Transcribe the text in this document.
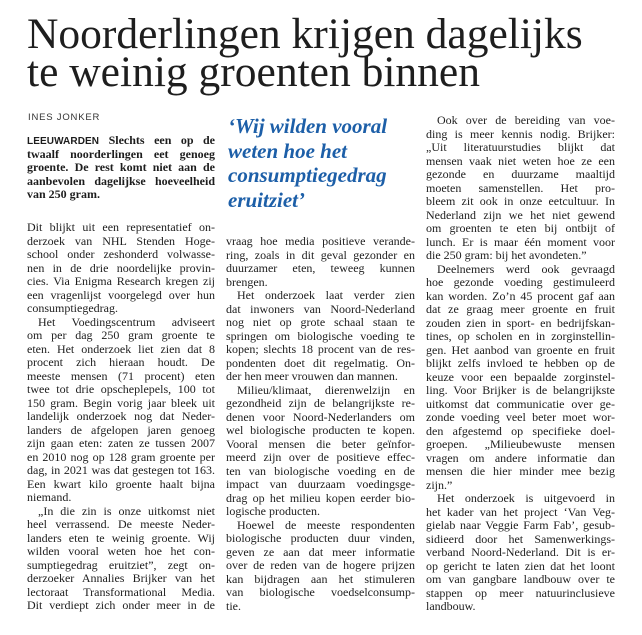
Noorderlingen krijgen dagelijks
te weinig groenten binnen
INES JONKER
LEEUWARDEN Slechts een op de
twaalf noorderlingen eet genoeg
groente. De rest komt niet aan de
aanbevolen dagelijkse hoeveelheid
van 250 gram.
‘Wij wilden vooral
weten hoe het
consumptiegedrag
eruitziet’
Dit blijkt uit een representatief on-
derzoek van NHL Stenden Hoge-
school onder zeshonderd volwasse-
nen in de drie noordelijke provin-
cies. Via Enigma Research kregen zij
een vragenlijst voorgelegd over hun
consumptiegedrag.
Het Voedingscentrum adviseert
om per dag 250 gram groente te
eten. Het onderzoek liet zien dat 8
procent zich hieraan houdt. De
meeste mensen (71 procent) eten
twee tot drie opscheplepels, 100 tot
150 gram. Begin vorig jaar bleek uit
landelijk onderzoek nog dat Neder-
landers de afgelopen jaren genoeg
zijn gaan eten: zaten ze tussen 2007
en 2010 nog op 128 gram groente per
dag, in 2021 was dat gestegen tot 163.
Een kwart kilo groente haalt bijna
niemand.
„In die zin is onze uitkomst niet
heel verrassend. De meeste Neder-
landers eten te weinig groente. Wij
wilden vooral weten hoe het con-
sumptiegedrag eruitziet”, zegt on-
derzoeker Annalies Brijker van het
lectoraat Transformational Media.
Dit verdiept zich onder meer in de
vraag hoe media positieve verande-
ring, zoals in dit geval gezonder en
duurzamer eten, teweeg kunnen
brengen.
Het onderzoek laat verder zien
dat inwoners van Noord-Nederland
nog niet op grote schaal staan te
springen om biologische voeding te
kopen; slechts 18 procent van de res-
pondenten doet dit regelmatig. On-
der hen meer vrouwen dan mannen.
Milieu/klimaat, dierenwelzijn en
gezondheid zijn de belangrijkste re-
denen voor Noord-Nederlanders om
wel biologische producten te kopen.
Vooral mensen die beter geïnfor-
meerd zijn over de positieve effec-
ten van biologische voeding en de
impact van duurzaam voedingsge-
drag op het milieu kopen eerder bio-
logische producten.
Hoewel de meeste respondenten
biologische producten duur vinden,
geven ze aan dat meer informatie
over de reden van de hogere prijzen
kan bijdragen aan het stimuleren
van biologische voedselconsump-
tie.
Ook over de bereiding van voe-
ding is meer kennis nodig. Brijker:
„Uit literatuurstudies blijkt dat
mensen vaak niet weten hoe ze een
gezonde en duurzame maaltijd
moeten samenstellen. Het pro-
bleem zit ook in onze eetcultuur. In
Nederland zijn we het niet gewend
om groenten te eten bij ontbijt of
lunch. Er is maar één moment voor
die 250 gram: bij het avondeten.”
Deelnemers werd ook gevraagd
hoe gezonde voeding gestimuleerd
kan worden. Zo’n 45 procent gaf aan
dat ze graag meer groente en fruit
zouden zien in sport- en bedrijfskan-
tines, op scholen en in zorginstellin-
gen. Het aanbod van groente en fruit
blijkt zelfs invloed te hebben op de
keuze voor een bepaalde zorginstel-
ling. Voor Brijker is de belangrijkste
uitkomst dat communicatie over ge-
zonde voeding veel beter moet wor-
den afgestemd op specifieke doel-
groepen. „Milieubewuste mensen
vragen om andere informatie dan
mensen die hier minder mee bezig
zijn.”
Het onderzoek is uitgevoerd in
het kader van het project ‘Van Veg-
gielab naar Veggie Farm Fab’, gesub-
sidieerd door het Samenwerkings-
verband Noord-Nederland. Dit is er-
op gericht te laten zien dat het loont
om van gangbare landbouw over te
stappen op meer natuurinclusieve
landbouw.
